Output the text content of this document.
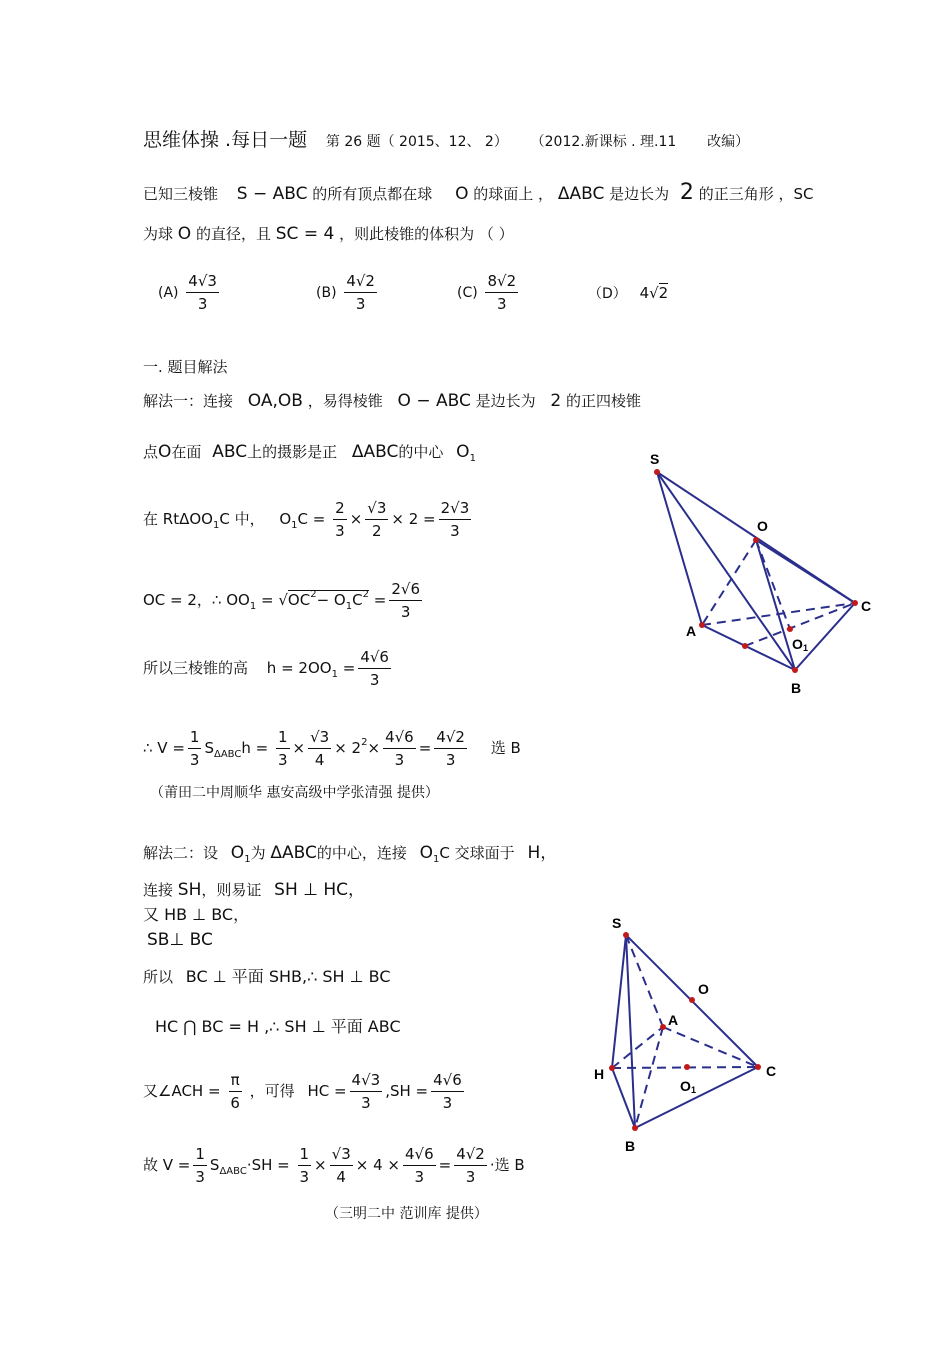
思维体操 .每日一题 第 26 题（ 2015、12、 2） （2012.新课标 . 理.11 改编）
已知三棱锥 S − ABC 的所有顶点都在球 O 的球面上 ， ΔABC 是边长为 2 的正三角形 ，SC
为球 O 的直径，且 SC = 4 ，则此棱锥的体积为 （ ）
$(A) \frac{4√3}{3}$	$(B) \frac{4√2}{3}$	$(C) \frac{8√2}{3}$	（D） 4√2
一. 题目解法
解法一：连接 OA,OB ，易得棱锥 O − ABC 是边长为 2 的正四棱锥
点O在面 ABC上的摄影是正 ΔABC的中心 $O_1$
在 RtΔOO$_1$C 中， $O_1C = \frac{2}{3} \times \frac{√3}{2} \times 2 = \frac{2√3}{3}$
OC = 2，∴ $OO_1 = √OC^2- O_1C^2 = \frac{2√6}{3}$
所以三棱锥的高 $h = 2OO_1 = \frac{4√6}{3}$
∴ $V = \frac{1}{3} S_{\Delta ABC}h = \frac{1}{3} \times \frac{√3}{4} \times 2^2\times \frac{4√6}{3} = \frac{4√2}{3}$ 选 B
（莆田二中周顺华 惠安高级中学张清强 提供）
解法二：设 $O_1$为 ΔABC的中心，连接 $O_1C$ 交球面于 H，
连接 SH，则易证 SH ⊥ HC，
又 HB ⊥ BC，
SB⊥ BC
所以 BC ⊥ 平面 SHB,∴ SH ⊥ BC
HC ⋂ BC = H ,∴ SH ⊥ 平面 ABC
又∠ACH = $\frac{\pi}{6}$ ，可得 HC = $\frac{4√3}{3} ,SH = \frac{4√6}{3}$
故 $V = \frac{1}{3} S_{\Delta ABC}\cdot SH = \frac{1}{3} \times \frac{√3}{4} \times 4 \times \frac{4√6}{3} = \frac{4√2}{3}$ ·选 B
（三明二中 范训库 提供）
S
O
A
B
C
O 1
S
O
A
H
O 1
C
B
